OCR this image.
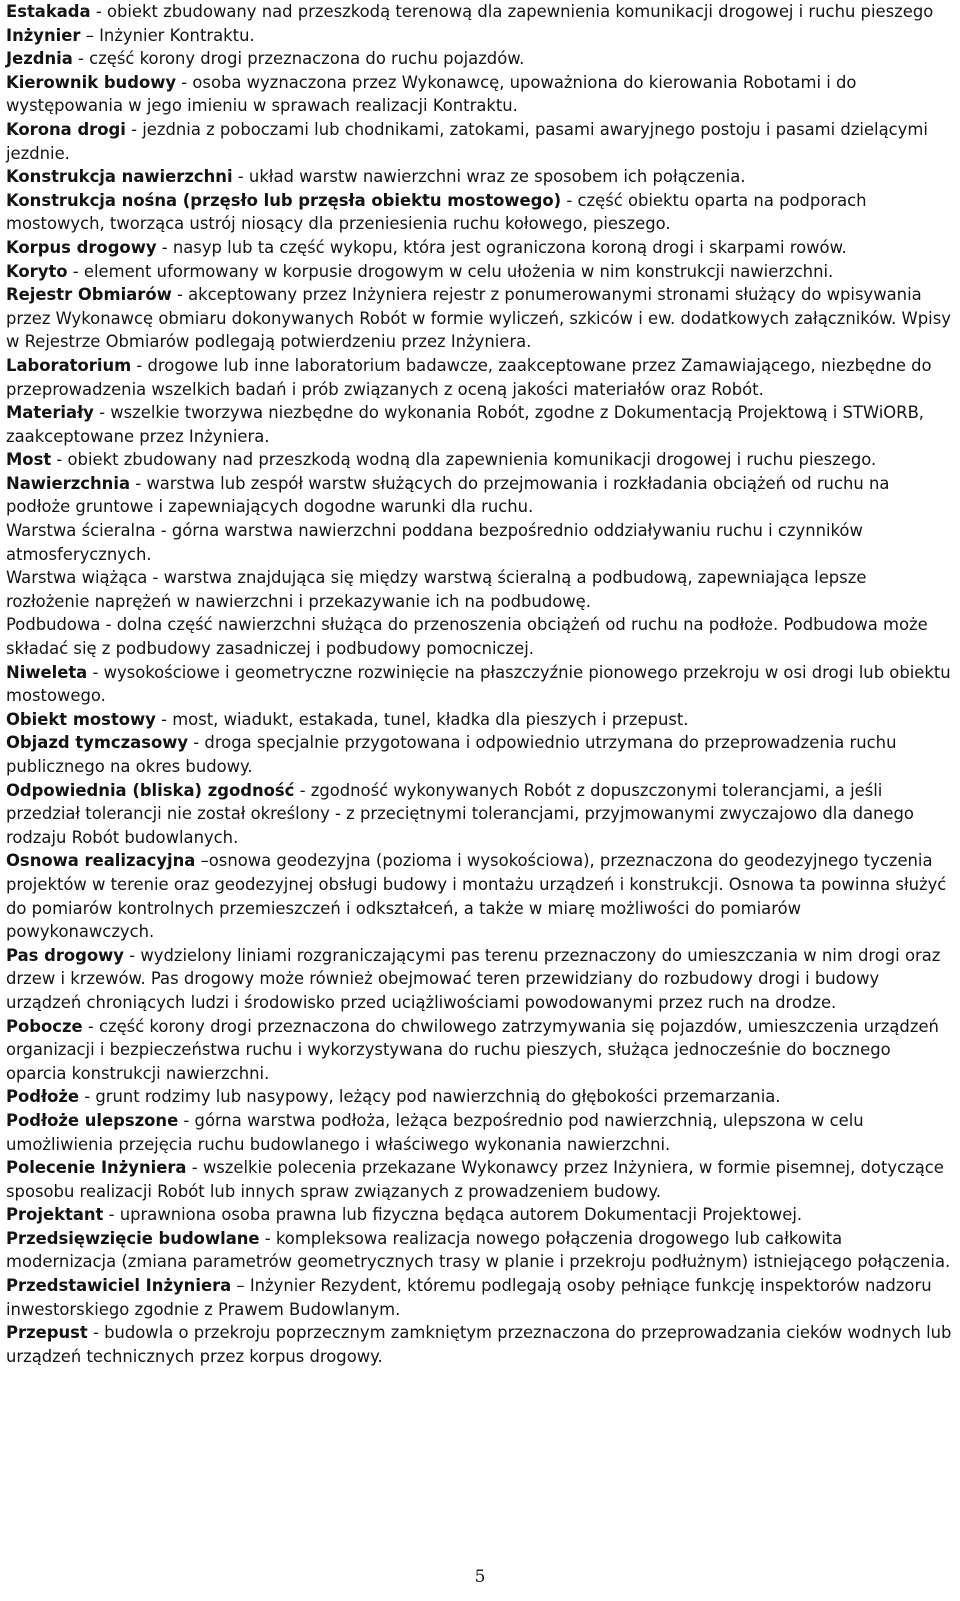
Estakada - obiekt zbudowany nad przeszkodą terenową dla zapewnienia komunikacji drogowej i ruchu pieszego

Inżynier – Inżynier Kontraktu.

Jezdnia - część korony drogi przeznaczona do ruchu pojazdów.

Kierownik budowy - osoba wyznaczona przez Wykonawcę, upoważniona do kierowania Robotami i do występowania w jego imieniu w sprawach realizacji Kontraktu.

Korona drogi - jezdnia z poboczami lub chodnikami, zatokami, pasami awaryjnego postoju i pasami dzielącymi jezdnie.

Konstrukcja nawierzchni - układ warstw nawierzchni wraz ze sposobem ich połączenia.

Konstrukcja nośna (przęsło lub przęsła obiektu mostowego) - część obiektu oparta na podporach mostowych, tworząca ustrój niosący dla przeniesienia ruchu kołowego, pieszego.

Korpus drogowy - nasyp lub ta część wykopu, która jest ograniczona koroną drogi i skarpami rowów.

Koryto - element uformowany w korpusie drogowym w celu ułożenia w nim konstrukcji nawierzchni.

Rejestr Obmiarów - akceptowany przez Inżyniera rejestr z ponumerowanymi stronami służący do wpisywania przez Wykonawcę obmiaru dokonywanych Robót w formie wyliczeń, szkiców i ew. dodatkowych załączników. Wpisy w Rejestrze Obmiarów podlegają potwierdzeniu przez Inżyniera.

Laboratorium - drogowe lub inne laboratorium badawcze, zaakceptowane przez Zamawiającego, niezbędne do przeprowadzenia wszelkich badań i prób związanych z oceną jakości materiałów oraz Robót.

Materiały - wszelkie tworzywa niezbędne do wykonania Robót, zgodne z Dokumentacją Projektową i STWiORB, zaakceptowane przez Inżyniera.

Most - obiekt zbudowany nad przeszkodą wodną dla zapewnienia komunikacji drogowej i ruchu pieszego.

Nawierzchnia - warstwa lub zespół warstw służących do przejmowania i rozkładania obciążeń od ruchu na podłoże gruntowe i zapewniających dogodne warunki dla ruchu.

Warstwa ścieralna - górna warstwa nawierzchni poddana bezpośrednio oddziaływaniu ruchu i czynników atmosferycznych.

Warstwa wiążąca - warstwa znajdująca się między warstwą ścieralną a podbudową, zapewniająca lepsze rozłożenie naprężeń w nawierzchni i przekazywanie ich na podbudowę.

Podbudowa - dolna część nawierzchni służąca do przenoszenia obciążeń od ruchu na podłoże. Podbudowa może składać się z podbudowy zasadniczej i podbudowy pomocniczej.

Niweleta - wysokościowe i geometryczne rozwinięcie na płaszczyźnie pionowego przekroju w osi drogi lub obiektu mostowego.

Obiekt mostowy - most, wiadukt, estakada, tunel, kładka dla pieszych i przepust.

Objazd tymczasowy - droga specjalnie przygotowana i odpowiednio utrzymana do przeprowadzenia ruchu publicznego na okres budowy.

Odpowiednia (bliska) zgodność - zgodność wykonywanych Robót z dopuszczonymi tolerancjami, a jeśli przedział tolerancji nie został określony - z przeciętnymi tolerancjami, przyjmowanymi zwyczajowo dla danego rodzaju Robót budowlanych.

Osnowa realizacyjna –osnowa geodezyjna (pozioma i wysokościowa), przeznaczona do geodezyjnego tyczenia projektów w terenie oraz geodezyjnej obsługi budowy i montażu urządzeń i konstrukcji. Osnowa ta powinna służyć do pomiarów kontrolnych przemieszczeń i odkształceń, a także w miarę możliwości do pomiarów powykonawczych.

Pas drogowy - wydzielony liniami rozgraniczającymi pas terenu przeznaczony do umieszczania w nim drogi oraz drzew i krzewów. Pas drogowy może również obejmować teren przewidziany do rozbudowy drogi i budowy urządzeń chroniących ludzi i środowisko przed uciążliwościami powodowanymi przez ruch na drodze.

Pobocze - część korony drogi przeznaczona do chwilowego zatrzymywania się pojazdów, umieszczenia urządzeń organizacji i bezpieczeństwa ruchu i wykorzystywana do ruchu pieszych, służąca jednocześnie do bocznego oparcia konstrukcji nawierzchni.

Podłoże - grunt rodzimy lub nasypowy, leżący pod nawierzchnią do głębokości przemarzania.

Podłoże ulepszone - górna warstwa podłoża, leżąca bezpośrednio pod nawierzchnią, ulepszona w celu umożliwienia przejęcia ruchu budowlanego i właściwego wykonania nawierzchni.

Polecenie Inżyniera - wszelkie polecenia przekazane Wykonawcy przez Inżyniera, w formie pisemnej, dotyczące sposobu realizacji Robót lub innych spraw związanych z prowadzeniem budowy.

Projektant - uprawniona osoba prawna lub fizyczna będąca autorem Dokumentacji Projektowej.

Przedsięwzięcie budowlane - kompleksowa realizacja nowego połączenia drogowego lub całkowita modernizacja (zmiana parametrów geometrycznych trasy w planie i przekroju podłużnym) istniejącego połączenia.

Przedstawiciel Inżyniera – Inżynier Rezydent, któremu podlegają osoby pełniące funkcję inspektorów nadzoru inwestorskiego zgodnie z Prawem Budowlanym.

Przepust - budowla o przekroju poprzecznym zamkniętym przeznaczona do przeprowadzania cieków wodnych lub urządzeń technicznych przez korpus drogowy.

5
